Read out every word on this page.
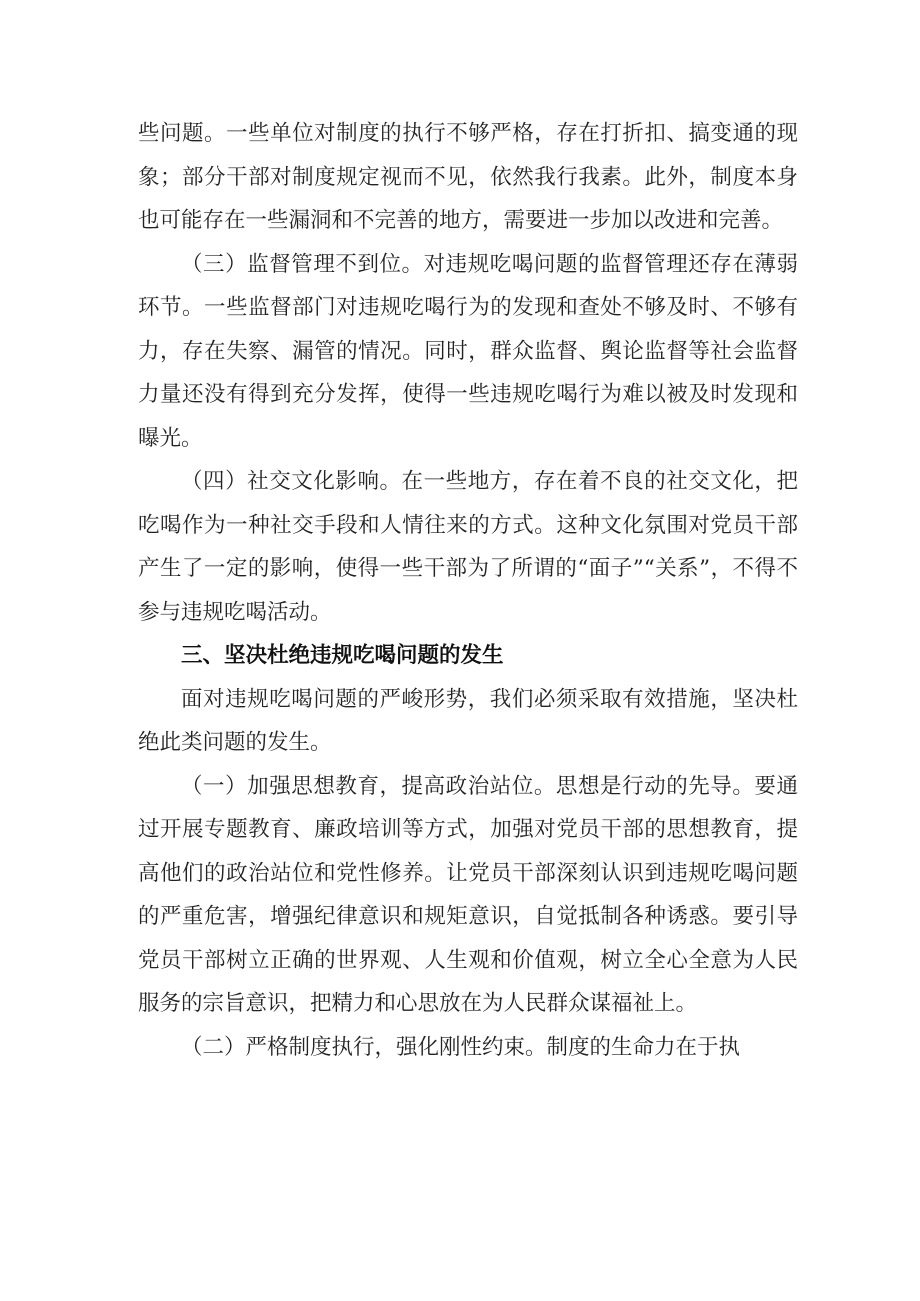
些问题。一些单位对制度的执行不够严格，存在打折扣、搞变通的现象；部分干部对制度规定视而不见，依然我行我素。此外，制度本身也可能存在一些漏洞和不完善的地方，需要进一步加以改进和完善。

（三）监督管理不到位。对违规吃喝问题的监督管理还存在薄弱环节。一些监督部门对违规吃喝行为的发现和查处不够及时、不够有力，存在失察、漏管的情况。同时，群众监督、舆论监督等社会监督力量还没有得到充分发挥，使得一些违规吃喝行为难以被及时发现和曝光。

（四）社交文化影响。在一些地方，存在着不良的社交文化，把吃喝作为一种社交手段和人情往来的方式。这种文化氛围对党员干部产生了一定的影响，使得一些干部为了所谓的“面子”“关系”，不得不参与违规吃喝活动。

三、坚决杜绝违规吃喝问题的发生

面对违规吃喝问题的严峻形势，我们必须采取有效措施，坚决杜绝此类问题的发生。

（一）加强思想教育，提高政治站位。思想是行动的先导。要通过开展专题教育、廉政培训等方式，加强对党员干部的思想教育，提高他们的政治站位和党性修养。让党员干部深刻认识到违规吃喝问题的严重危害，增强纪律意识和规矩意识，自觉抵制各种诱惑。要引导党员干部树立正确的世界观、人生观和价值观，树立全心全意为人民服务的宗旨意识，把精力和心思放在为人民群众谋福祉上。

（二）严格制度执行，强化刚性约束。制度的生命力在于执
